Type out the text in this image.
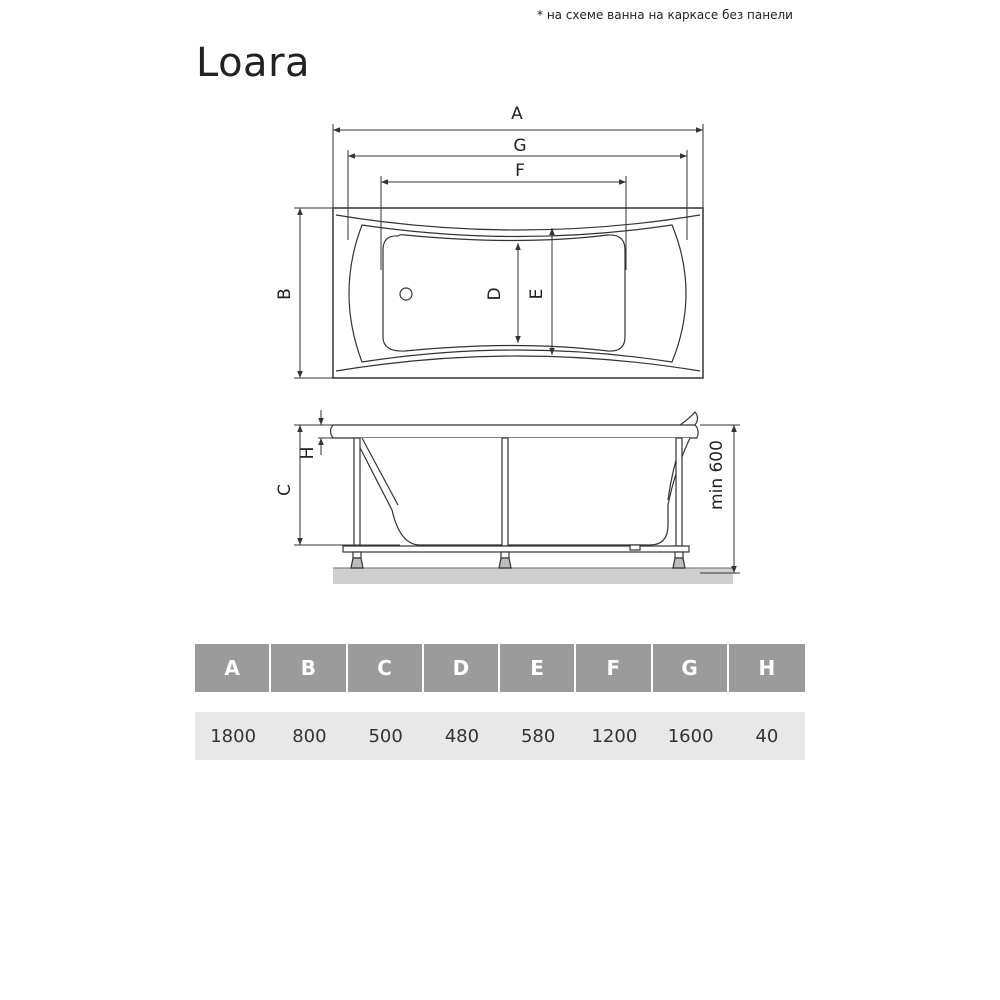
* на схеме ванна на каркасе без панели
Loara
A
G
F
B	D E
C
H	min 600
A	B	C	D	E	F	G	H

1800	800	500	480	580	1200	1600	40
